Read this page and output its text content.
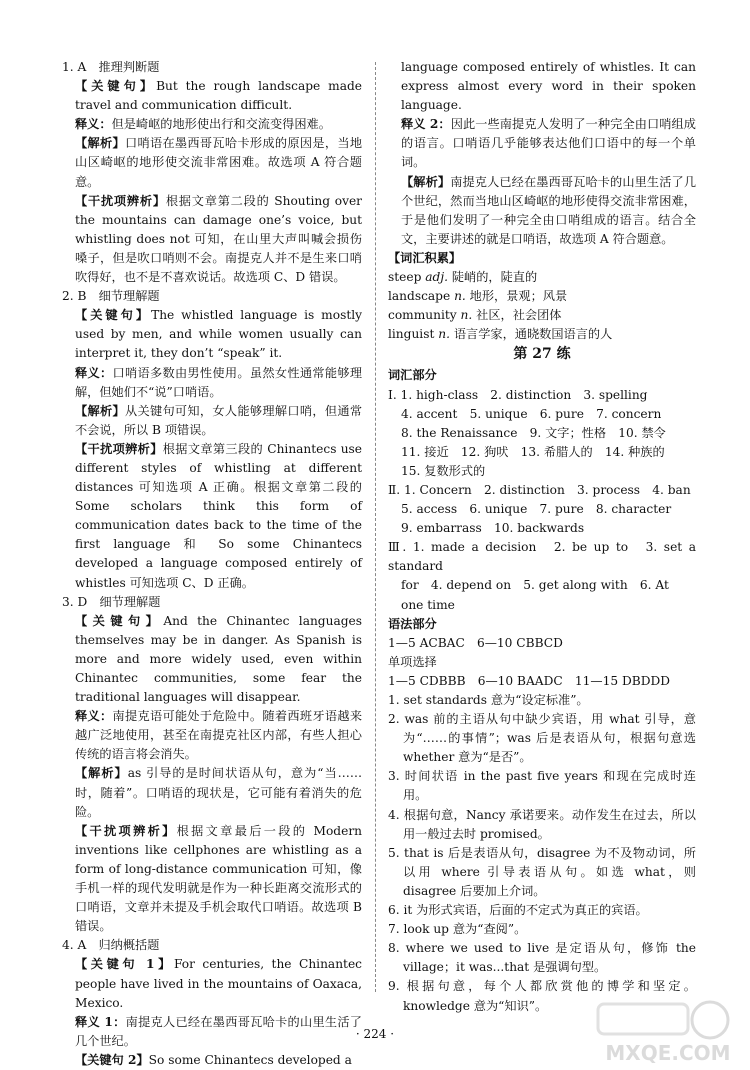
1. A　推理判断题

【关键句】But the rough landscape made travel and communication difficult.

释义：但是崎岖的地形使出行和交流变得困难。

【解析】口哨语在墨西哥瓦哈卡形成的原因是，当地山区崎岖的地形使交流非常困难。故选项 A 符合题意。

【干扰项辨析】根据文章第二段的 Shouting over the mountains can damage one’s voice, but whistling does not 可知，在山里大声叫喊会损伤嗓子，但是吹口哨则不会。南提克人并不是生来口哨吹得好，也不是不喜欢说话。故选项 C、D 错误。

2. B　细节理解题

【关键句】The whistled language is mostly used by men, and while women usually can interpret it, they don’t “speak” it.

释义：口哨语多数由男性使用。虽然女性通常能够理解，但她们不“说”口哨语。

【解析】从关键句可知，女人能够理解口哨，但通常不会说，所以 B 项错误。

【干扰项辨析】根据文章第三段的 Chinantecs use different styles of whistling at different distances 可知选项 A 正确。根据文章第二段的 Some scholars think this form of communication dates back to the time of the first language 和 So some Chinantecs developed a language composed entirely of whistles 可知选项 C、D 正确。

3. D　细节理解题

【关键句】And the Chinantec languages themselves may be in danger. As Spanish is more and more widely used, even within Chinantec communities, some fear the traditional languages will disappear.

释义：南提克语可能处于危险中。随着西班牙语越来越广泛地使用，甚至在南提克社区内部，有些人担心传统的语言将会消失。

【解析】as 引导的是时间状语从句，意为“当……时，随着”。口哨语的现状是，它可能有着消失的危险。

【干扰项辨析】根据文章最后一段的 Modern inventions like cellphones are whistling as a form of long-distance communication 可知，像手机一样的现代发明就是作为一种长距离交流形式的口哨语，文章并未提及手机会取代口哨语。故选项 B 错误。

4. A　归纳概括题

【关键句 1】For centuries, the Chinantec people have lived in the mountains of Oaxaca, Mexico.

释义 1：南提克人已经在墨西哥瓦哈卡的山里生活了几个世纪。

【关键句 2】So some Chinantecs developed a

language composed entirely of whistles. It can express almost every word in their spoken language.

释义 2：因此一些南提克人发明了一种完全由口哨组成的语言。口哨语几乎能够表达他们口语中的每一个单词。

【解析】南提克人已经在墨西哥瓦哈卡的山里生活了几个世纪，然而当地山区崎岖的地形使得交流非常困难，于是他们发明了一种完全由口哨组成的语言。结合全文，主要讲述的就是口哨语，故选项 A 符合题意。

【词汇积累】

steep adj. 陡峭的，陡直的

landscape n. 地形，景观；风景

community n. 社区，社会团体

linguist n. 语言学家，通晓数国语言的人

第 27 练

词汇部分

Ⅰ. 1. high-class　2. distinction　3. spelling

4. accent　5. unique　6. pure　7. concern

8. the Renaissance　9. 文字；性格　10. 禁令

11. 接近　12. 狗吠　13. 希腊人的　14. 种族的

15. 复数形式的

Ⅱ. 1. Concern　2. distinction　3. process　4. ban

5. access　6. unique　7. pure　8. character

9. embarrass　10. backwards

Ⅲ. 1. made a decision　2. be up to　3. set a standard

for　4. depend on　5. get along with　6. At

one time

语法部分

1—5 ACBAC　6—10 CBBCD

单项选择

1—5 CDBBB　6—10 BAADC　11—15 DBDDD

1. set standards 意为“设定标准”。

2. was 前的主语从句中缺少宾语，用 what 引导，意为“……的事情”；was 后是表语从句，根据句意选 whether 意为“是否”。

3. 时间状语 in the past five years 和现在完成时连用。

4. 根据句意，Nancy 承诺要来。动作发生在过去，所以用一般过去时 promised。

5. that is 后是表语从句，disagree 为不及物动词，所以用 where 引导表语从句。如选 what，则 disagree 后要加上介词。

6. it 为形式宾语，后面的不定式为真正的宾语。

7. look up 意为“查阅”。

8. where we used to live 是定语从句，修饰 the village；it was...that 是强调句型。

9. 根据句意，每个人都欣赏他的博学和坚定。knowledge 意为“知识”。

· 224 ·
MXQE.COM
